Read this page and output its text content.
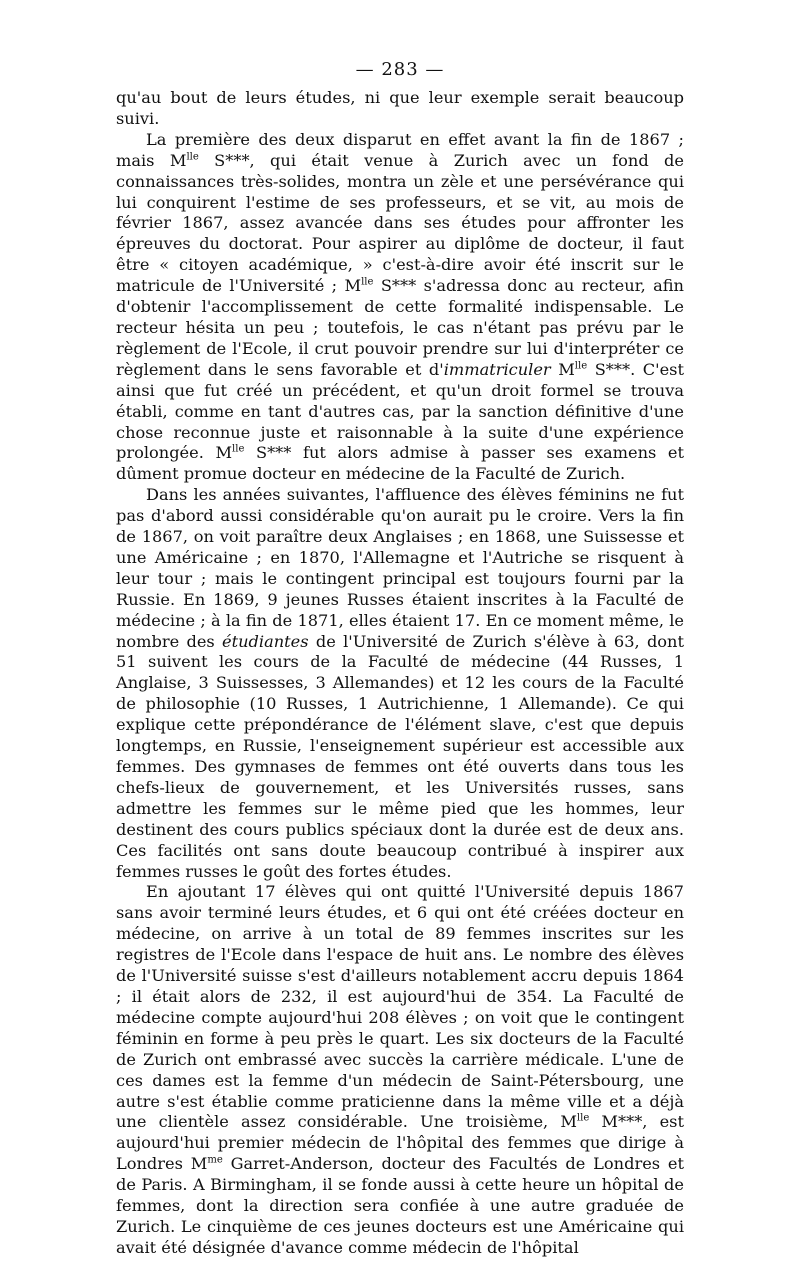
— 283 —

qu'au bout de leurs études, ni que leur exemple serait beaucoup suivi.

La première des deux disparut en effet avant la fin de 1867 ; mais $M^{lle}$ S***, qui était venue à Zurich avec un fond de connaissances très-solides, montra un zèle et une persévérance qui lui conquirent l'estime de ses professeurs, et se vit, au mois de février 1867, assez avancée dans ses études pour affronter les épreuves du doctorat. Pour aspirer au diplôme de docteur, il faut être « citoyen académique, » c'est-à-dire avoir été inscrit sur le matricule de l'Université ; $M^{lle}$ S*** s'adressa donc au recteur, afin d'obtenir l'accomplissement de cette formalité indispensable. Le recteur hésita un peu ; toutefois, le cas n'étant pas prévu par le règlement de l'Ecole, il crut pouvoir prendre sur lui d'interpréter ce règlement dans le sens favorable et d'immatriculer $M^{lle}$ S***. C'est ainsi que fut créé un précédent, et qu'un droit formel se trouva établi, comme en tant d'autres cas, par la sanction définitive d'une chose reconnue juste et raisonnable à la suite d'une expérience prolongée. $M^{lle}$ S*** fut alors admise à passer ses examens et dûment promue docteur en médecine de la Faculté de Zurich.

Dans les années suivantes, l'affluence des élèves féminins ne fut pas d'abord aussi considérable qu'on aurait pu le croire. Vers la fin de 1867, on voit paraître deux Anglaises ; en 1868, une Suissesse et une Américaine ; en 1870, l'Allemagne et l'Autriche se risquent à leur tour ; mais le contingent principal est toujours fourni par la Russie. En 1869, 9 jeunes Russes étaient inscrites à la Faculté de médecine ; à la fin de 1871, elles étaient 17. En ce moment même, le nombre des étudiantes de l'Université de Zurich s'élève à 63, dont 51 suivent les cours de la Faculté de médecine (44 Russes, 1 Anglaise, 3 Suissesses, 3 Allemandes) et 12 les cours de la Faculté de philosophie (10 Russes, 1 Autrichienne, 1 Allemande). Ce qui explique cette prépondérance de l'élément slave, c'est que depuis longtemps, en Russie, l'enseignement supérieur est accessible aux femmes. Des gymnases de femmes ont été ouverts dans tous les chefs-lieux de gouvernement, et les Universités russes, sans admettre les femmes sur le même pied que les hommes, leur destinent des cours publics spéciaux dont la durée est de deux ans. Ces facilités ont sans doute beaucoup contribué à inspirer aux femmes russes le goût des fortes études.

En ajoutant 17 élèves qui ont quitté l'Université depuis 1867 sans avoir terminé leurs études, et 6 qui ont été créées docteur en médecine, on arrive à un total de 89 femmes inscrites sur les registres de l'Ecole dans l'espace de huit ans. Le nombre des élèves de l'Université suisse s'est d'ailleurs notablement accru depuis 1864 ; il était alors de 232, il est aujourd'hui de 354. La Faculté de médecine compte aujourd'hui 208 élèves ; on voit que le contingent féminin en forme à peu près le quart. Les six docteurs de la Faculté de Zurich ont embrassé avec succès la carrière médicale. L'une de ces dames est la femme d'un médecin de Saint-Pétersbourg, une autre s'est établie comme praticienne dans la même ville et a déjà une clientèle assez considérable. Une troisième, $M^{lle}$ M***, est aujourd'hui premier médecin de l'hôpital des femmes que dirige à Londres $M^{me}$ Garret-Anderson, docteur des Facultés de Londres et de Paris. A Birmingham, il se fonde aussi à cette heure un hôpital de femmes, dont la direction sera confiée à une autre graduée de Zurich. Le cinquième de ces jeunes docteurs est une Américaine qui avait été désignée d'avance comme médecin de l'hôpital
